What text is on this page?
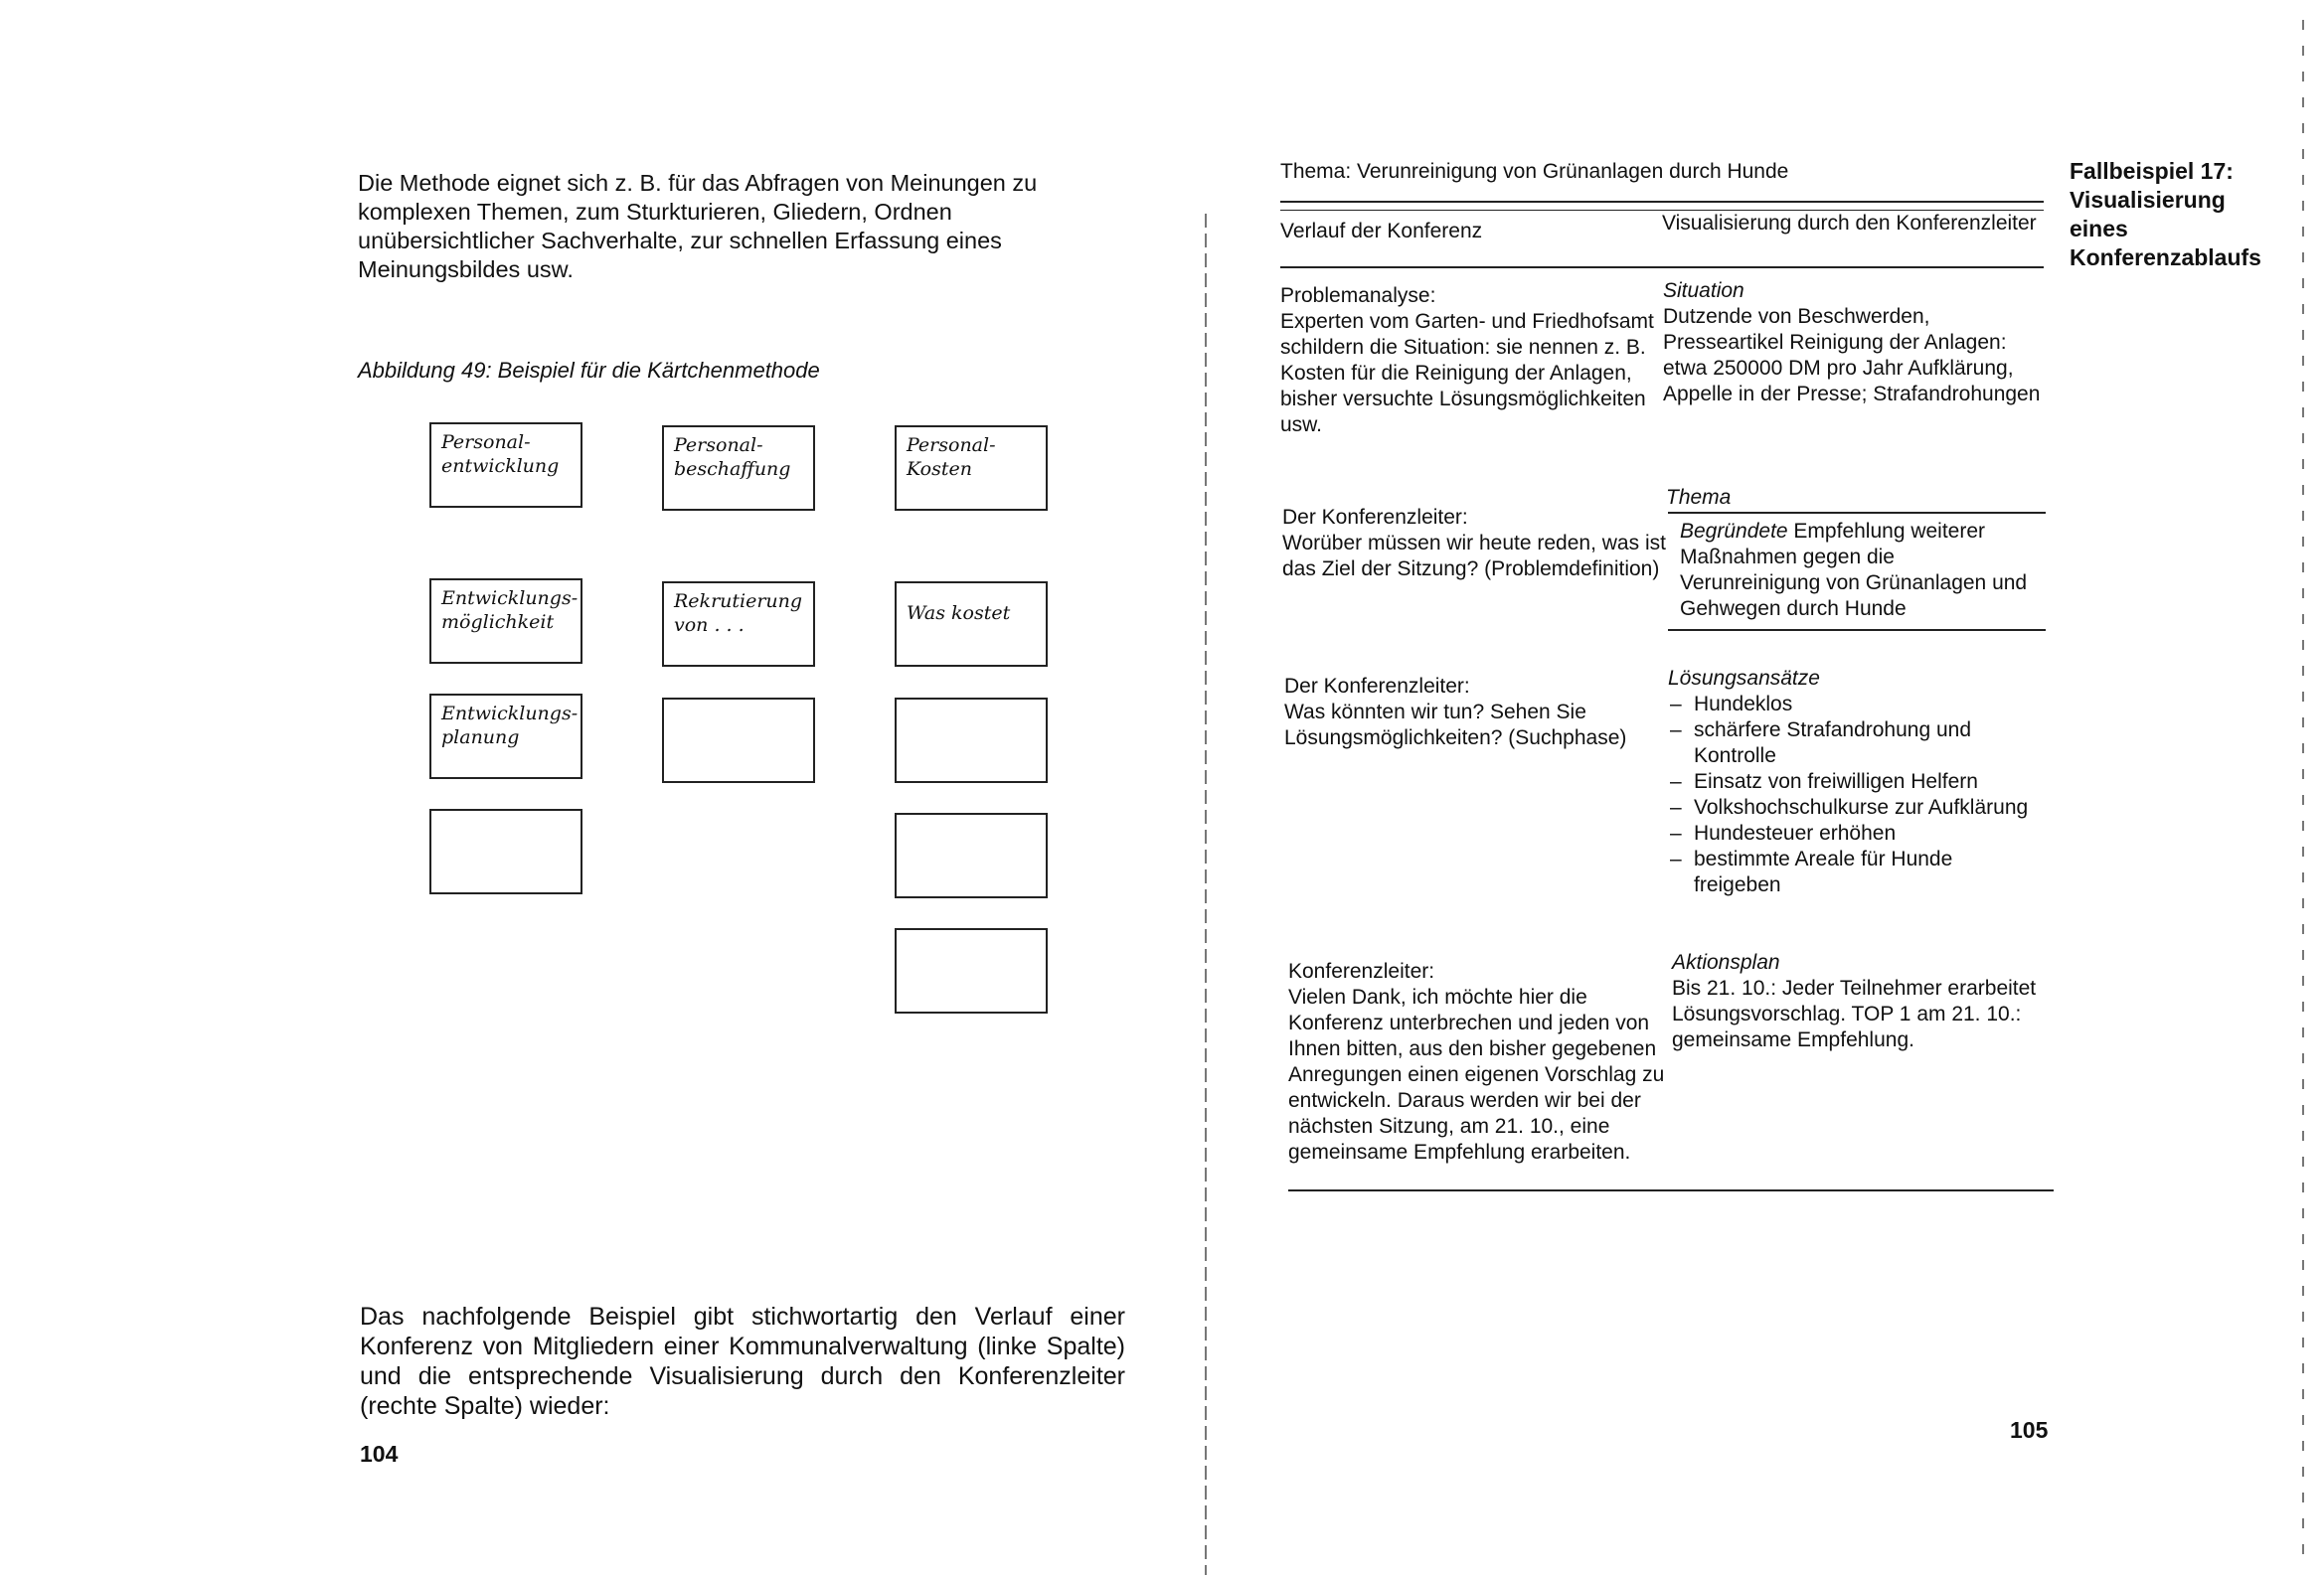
Die Methode eignet sich z. B. für das Abfragen von Meinungen zu komplexen Themen, zum Sturkturieren, Gliedern, Ordnen unübersichtlicher Sachverhalte, zur schnellen Erfassung eines Meinungsbildes usw.
Abbildung 49: Beispiel für die Kärtchenmethode
Personal-
entwicklung
Personal-
beschaffung
Personal-
Kosten
Entwicklungs-
möglichkeit
Rekrutierung
von . . .
Was kostet
Entwicklungs-
planung
Das nachfolgende Beispiel gibt stichwortartig den Verlauf einer Konferenz von Mitgliedern einer Kommunalverwaltung (linke Spalte) und die entsprechende Visualisierung durch den Konferenzleiter (rechte Spalte) wieder:
104
Thema: Verunreinigung von Grünanlagen durch Hunde
Verlauf der Konferenz	Visualisierung durch den Konferenzleiter
Problemanalyse:
Experten vom Garten- und Friedhofsamt schildern die Situation: sie nennen z. B. Kosten für die Reinigung der Anlagen, bisher versuchte Lösungsmöglichkeiten usw.
Situation
Dutzende von Beschwerden, Presseartikel Reinigung der Anlagen: etwa 250000 DM pro Jahr Aufklärung, Appelle in der Presse; Strafandrohungen
Der Konferenzleiter:
Worüber müssen wir heute reden, was ist das Ziel der Sitzung? (Problemdefinition)
Thema
Begründete Empfehlung weiterer Maßnahmen gegen die Verunreinigung von Grünanlagen und Gehwegen durch Hunde
Der Konferenzleiter:
Was könnten wir tun? Sehen Sie Lösungsmöglichkeiten? (Suchphase)
Lösungsansätze
– Hundeklos
– schärfere Strafandrohung und Kontrolle
– Einsatz von freiwilligen Helfern
– Volkshochschulkurse zur Aufklärung
– Hundesteuer erhöhen
– bestimmte Areale für Hunde freigeben
Konferenzleiter:
Vielen Dank, ich möchte hier die Konferenz unterbrechen und jeden von Ihnen bitten, aus den bisher gegebenen Anregungen einen eigenen Vorschlag zu entwickeln. Daraus werden wir bei der nächsten Sitzung, am 21. 10., eine gemeinsame Empfehlung erarbeiten.
Aktionsplan
Bis 21. 10.: Jeder Teilnehmer erarbeitet Lösungsvorschlag. TOP 1 am 21. 10.: gemeinsame Empfehlung.
Fallbeispiel 17: Visualisierung eines Konferenzablaufs
105
